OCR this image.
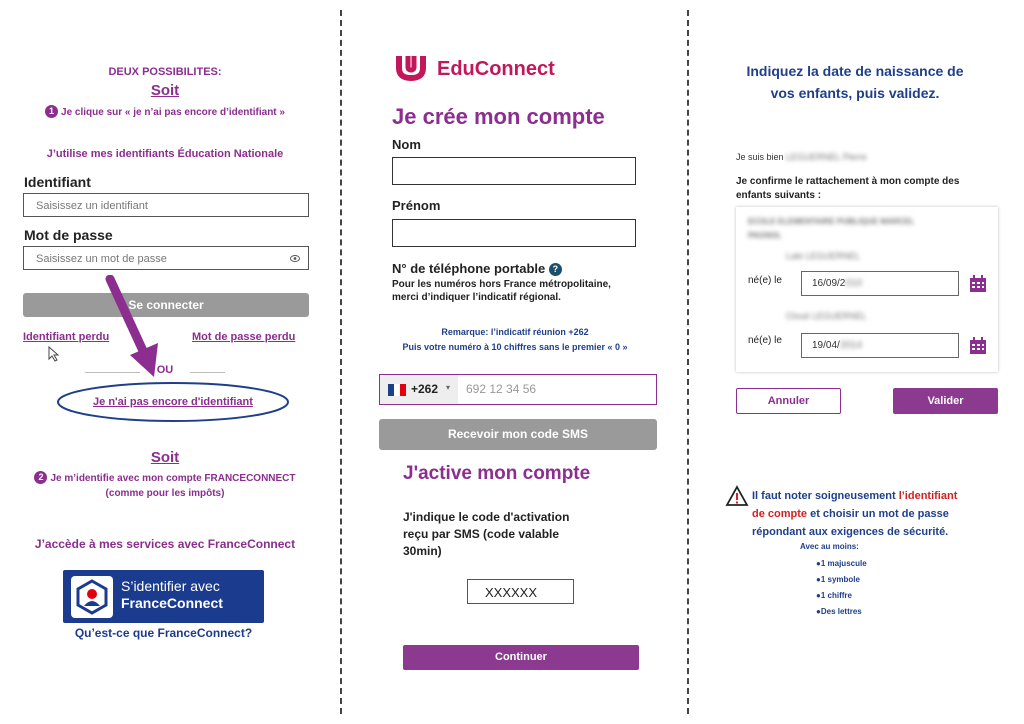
DEUX POSSIBILITES:
Soit
1 Je clique sur « je n’ai pas encore d’identifiant »
J’utilise mes identifiants Éducation Nationale
Identifiant
Saisissez un identifiant
Mot de passe
Saisissez un mot de passe
Se connecter
Identifiant perdu	Mot de passe perdu
OU
Je n'ai pas encore d'identifiant
Soit
2 Je m’identifie avec mon compte FRANCECONNECT
(comme pour les impôts)
J’accède à mes services avec FranceConnect
S’identifier avec
FranceConnect
Qu’est-ce que FranceConnect?
EduConnect
Je crée mon compte
Nom
Prénom
N° de téléphone portable ?
Pour les numéros hors France métropolitaine,
merci d’indiquer l’indicatif régional.
Remarque: l’indicatif réunion +262
Puis votre numéro à 10 chiffres sans le premier « 0 »
+262 ▾ 692 12 34 56
Recevoir mon code SMS
J'active mon compte
J'indique le code d'activation
reçu par SMS (code valable
30min)
XXXXXX
Continuer
Indiquez la date de naissance de
vos enfants, puis validez.
Je suis bien LEGUERNEL Pierre
Je confirme le rattachement à mon compte des
enfants suivants :
ECOLE ELEMENTAIRE PUBLIQUE MARCEL
PAGNOL
Lale LEGUERNEL
né(e) le	16/09/2010
Cloué LEGUERNEL
né(e) le	19/04/2014
Annuler	Valider
Il faut noter soigneusement l’identifiant
de compte et choisir un mot de passe
répondant aux exigences de sécurité.
Avec au moins:
●1 majuscule
●1 symbole
●1 chiffre
●Des lettres
